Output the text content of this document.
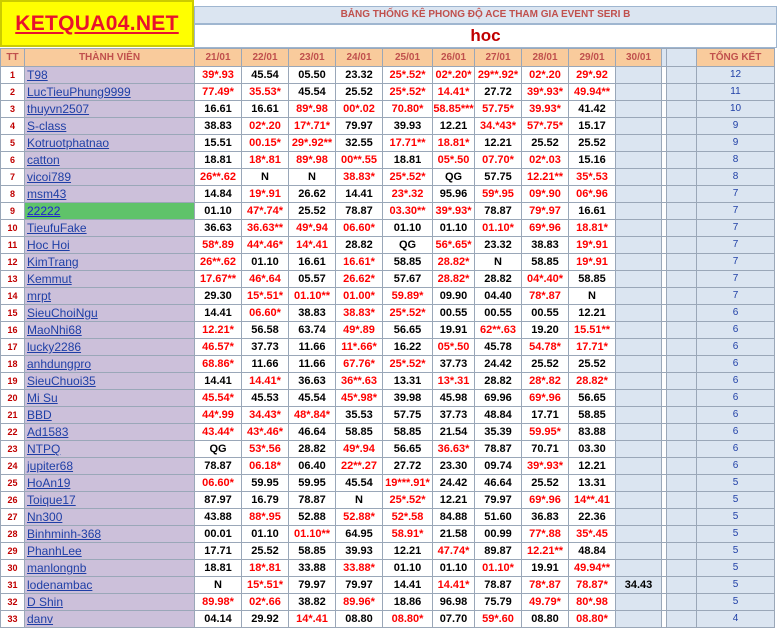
KETQUA04.NET	BẢNG THỐNG KÊ PHONG ĐỘ ACE THAM GIA EVENT SERI B
hoc
TT	THÀNH VIÊN	21/01	22/01	23/01	24/01	25/01	26/01	27/01	28/01	29/01	30/01			TỔNG KẾT
1	T98	39*.93	45.54	05.50	23.32	25*.52*	02*.20*	29**.92*	02*.20	29*.92				12
2	LucTieuPhung9999	77.49*	35.53*	45.54	25.52	25*.52*	14.41*	27.72	39*.93*	49.94**				11
3	thuyvn2507	16.61	16.61	89*.98	00*.02	70.80*	58.85***	57.75*	39.93*	41.42				10
4	S-class	38.83	02*.20	17*.71*	79.97	39.93	12.21	34.*43*	57*.75*	15.17				9
5	Kotruotphatnao	15.51	00.15*	29*.92**	32.55	17.71**	18.81*	12.21	25.52	25.52				9
6	catton	18.81	18*.81	89*.98	00**.55	18.81	05*.50	07.70*	02*.03	15.16				8
7	vicoi789	26**.62	N	N	38.83*	25*.52*	QG	57.75	12.21**	35*.53				8
8	msm43	14.84	19*.91	26.62	14.41	23*.32	95.96	59*.95	09*.90	06*.96				7
9	22222	01.10	47*.74*	25.52	78.87	03.30**	39*.93*	78.87	79*.97	16.61				7
10	TieufuFake	36.63	36.63**	49*.94	06.60*	01.10	01.10	01.10*	69*.96	18.81*				7
11	Hoc Hoi	58*.89	44*.46*	14*.41	28.82	QG	56*.65*	23.32	38.83	19*.91				7
12	KimTrang	26**.62	01.10	16.61	16.61*	58.85	28.82*	N	58.85	19*.91				7
13	Kemmut	17.67**	46*.64	05.57	26.62*	57.67	28.82*	28.82	04*.40*	58.85				7
14	mrpt	29.30	15*.51*	01.10**	01.00*	59.89*	09.90	04.40	78*.87	N				7
15	SieuChoiNgu	14.41	06.60*	38.83	38.83*	25*.52*	00.55	00.55	00.55	12.21				6
16	MaoNhi68	12.21*	56.58	63.74	49*.89	56.65	19.91	62**.63	19.20	15.51**				6
17	lucky2286	46.57*	37.73	11.66	11*.66*	16.22	05*.50	45.78	54.78*	17.71*				6
18	anhdungpro	68.86*	11.66	11.66	67.76*	25*.52*	37.73	24.42	25.52	25.52				6
19	SieuChuoi35	14.41	14.41*	36.63	36**.63	13.31	13*.31	28.82	28*.82	28.82*				6
20	Mi Su	45.54*	45.53	45.54	45*.98*	39.98	45.98	69.96	69*.96	56.65				6
21	BBD	44*.99	34.43*	48*.84*	35.53	57.75	37.73	48.84	17.71	58.85				6
22	Ad1583	43.44*	43*.46*	46.64	58.85	58.85	21.54	35.39	59.95*	83.88				6
23	NTPQ	QG	53*.56	28.82	49*.94	56.65	36.63*	78.87	70.71	03.30				6
24	jupiter68	78.87	06.18*	06.40	22**.27	27.72	23.30	09.74	39*.93*	12.21				6
25	HoAn19	06.60*	59.95	59.95	45.54	19***.91*	24.42	46.64	25.52	13.31				5
26	Toique17	87.97	16.79	78.87	N	25*.52*	12.21	79.97	69*.96	14**.41				5
27	Nn300	43.88	88*.95	52.88	52.88*	52*.58	84.88	51.60	36.83	22.36				5
28	Binhminh-368	00.01	01.10	01.10**	64.95	58.91*	21.58	00.99	77*.88	35*.45				5
29	PhanhLee	17.71	25.52	58.85	39.93	12.21	47.74*	89.87	12.21**	48.84				5
30	manlongnb	18.81	18*.81	33.88	33.88*	01.10	01.10	01.10*	19.91	49.94**				5
31	lodenambac	N	15*.51*	79.97	79.97	14.41	14.41*	78.87	78*.87	78.87*	34.43			5
32	D Shin	89.98*	02*.66	38.82	89.96*	18.86	96.98	75.79	49.79*	80*.98				5
33	danv	04.14	29.92	14*.41	08.80	08.80*	07.70	59*.60	08.80	08.80*				4
